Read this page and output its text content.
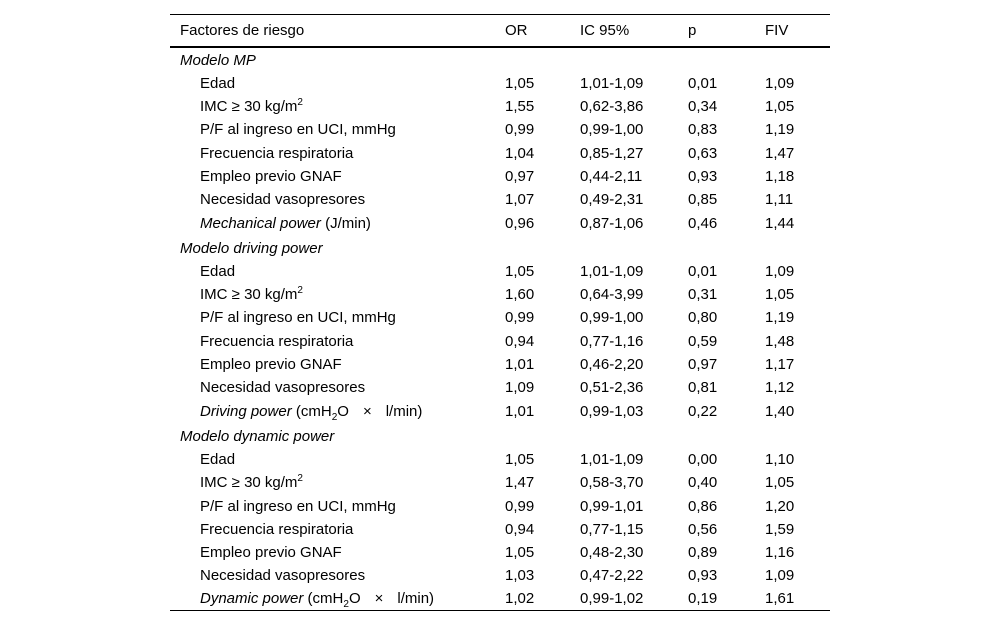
Factores de riesgo	OR	IC 95%	p	FIV
Modelo MP				
Edad	1,05	1,01-1,09	0,01	1,09
IMC ≥ 30 $kg/m^2$	1,55	0,62-3,86	0,34	1,05
P/F al ingreso en UCI, mmHg	0,99	0,99-1,00	0,83	1,19
Frecuencia respiratoria	1,04	0,85-1,27	0,63	1,47
Empleo previo GNAF	0,97	0,44-2,11	0,93	1,18
Necesidad vasopresores	1,07	0,49-2,31	0,85	1,11
Mechanical power (J/min)	0,96	0,87-1,06	0,46	1,44
Modelo driving power				
Edad	1,05	1,01-1,09	0,01	1,09
IMC ≥ 30 $kg/m^2$	1,60	0,64-3,99	0,31	1,05
P/F al ingreso en UCI, mmHg	0,99	0,99-1,00	0,80	1,19
Frecuencia respiratoria	0,94	0,77-1,16	0,59	1,48
Empleo previo GNAF	1,01	0,46-2,20	0,97	1,17
Necesidad vasopresores	1,09	0,51-2,36	0,81	1,12
Driving power (cmH$_2$O × l/min)	1,01	0,99-1,03	0,22	1,40
Modelo dynamic power				
Edad	1,05	1,01-1,09	0,00	1,10
IMC ≥ 30 $kg/m^2$	1,47	0,58-3,70	0,40	1,05
P/F al ingreso en UCI, mmHg	0,99	0,99-1,01	0,86	1,20
Frecuencia respiratoria	0,94	0,77-1,15	0,56	1,59
Empleo previo GNAF	1,05	0,48-2,30	0,89	1,16
Necesidad vasopresores	1,03	0,47-2,22	0,93	1,09
Dynamic power (cmH$_2$O × l/min)	1,02	0,99-1,02	0,19	1,61
